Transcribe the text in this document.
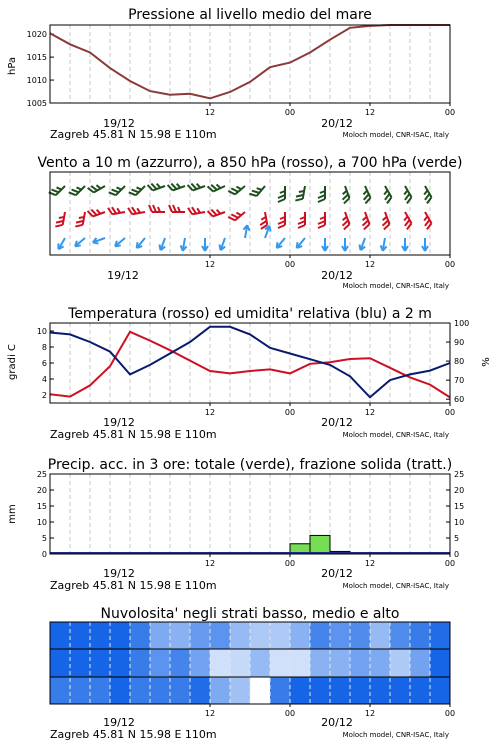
Pressione al livello medio del mare
hPa
1005
1010
1015
1020
12	00	12	00
19/12	20/12
Zagreb 45.81 N 15.98 E 110m	Moloch model, CNR-ISAC, Italy
Vento a 10 m (azzurro), a 850 hPa (rosso), a 700 hPa (verde)
12	00	12	00
19/12	20/12
Moloch model, CNR-ISAC, Italy
Temperatura (rosso) ed umidita' relativa (blu) a 2 m
gradi C	%
2
4
6
8
10
60
70
80
90
100
12	00	12	00
19/12	20/12
Zagreb 45.81 N 15.98 E 110m	Moloch model, CNR-ISAC, Italy
Precip. acc. in 3 ore: totale (verde), frazione solida (tratt.)
mm
0
5
10
15
20
25
0
5
10
15
20
25
12	00	12	00
19/12	20/12
Zagreb 45.81 N 15.98 E 110m	Moloch model, CNR-ISAC, Italy
Nuvolosita' negli strati basso, medio e alto
12	00	12	00
19/12	20/12
Zagreb 45.81 N 15.98 E 110m	Moloch model, CNR-ISAC, Italy
